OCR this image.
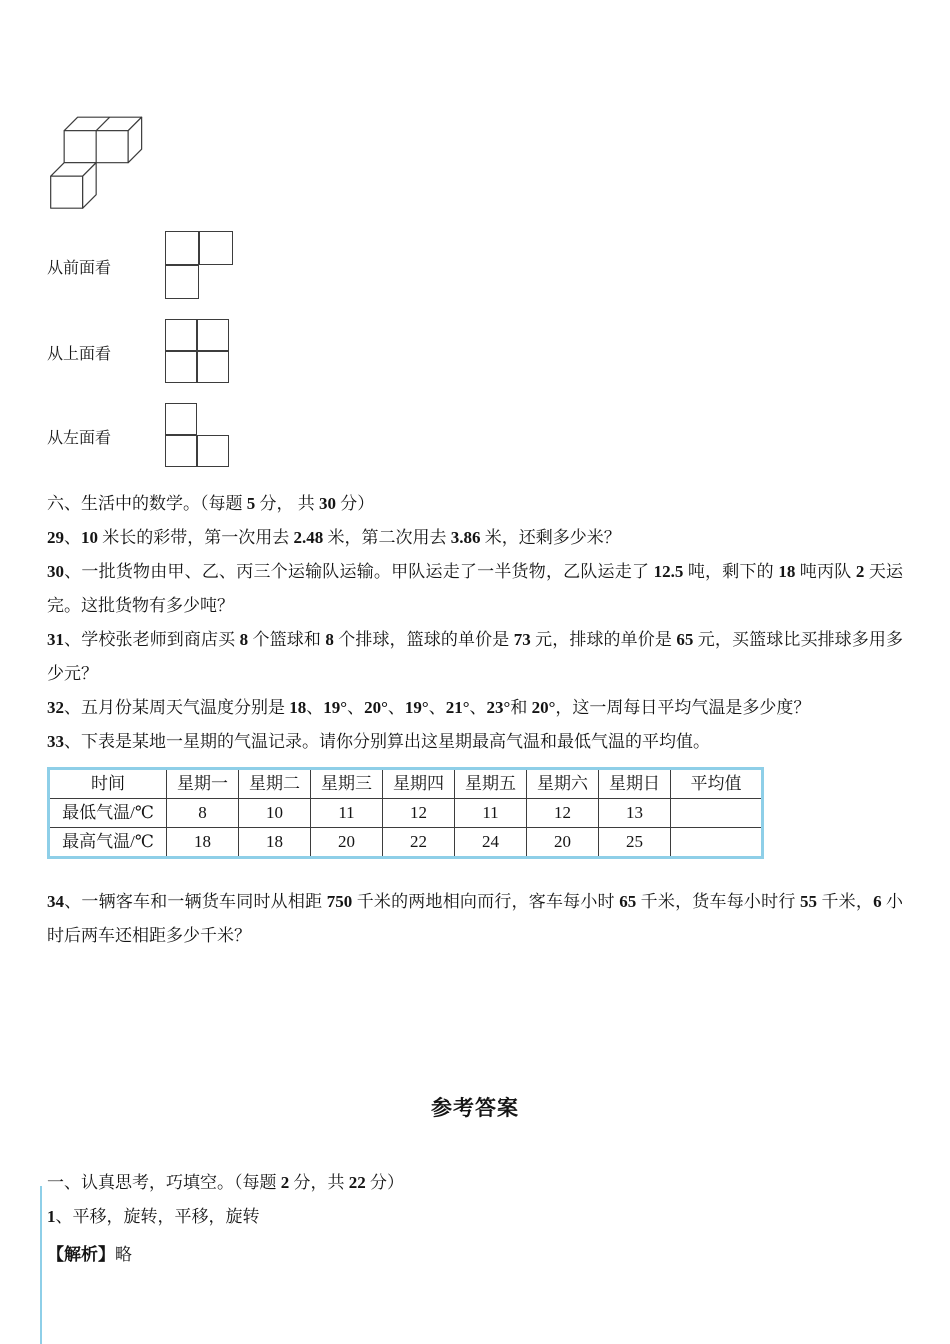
从前面看
从上面看
从左面看

六、生活中的数学。（每题 5 分， 共 30 分）

29、10 米长的彩带，第一次用去 2.48 米，第二次用去 3.86 米，还剩多少米？

30、一批货物由甲、乙、丙三个运输队运输。甲队运走了一半货物，乙队运走了 12.5 吨，剩下的 18 吨丙队 2 天运完。这批货物有多少吨？

31、学校张老师到商店买 8 个篮球和 8 个排球，篮球的单价是 73 元，排球的单价是 65 元，买篮球比买排球多用多少元？

32、五月份某周天气温度分别是 18、19°、20°、19°、21°、23°和 20°，这一周每日平均气温是多少度？

33、下表是某地一星期的气温记录。请你分别算出这星期最高气温和最低气温的平均值。

时间	星期一	星期二	星期三	星期四	星期五	星期六	星期日	平均值
最低气温/℃	8	10	11	12	11	12	13	
最高气温/℃	18	18	20	22	24	20	25	

34、一辆客车和一辆货车同时从相距 750 千米的两地相向而行，客车每小时 65 千米，货车每小时行 55 千米，6 小时后两车还相距多少千米？

参考答案

一、认真思考，巧填空。（每题 2 分，共 22 分）

1、平移，旋转，平移，旋转

【解析】略
